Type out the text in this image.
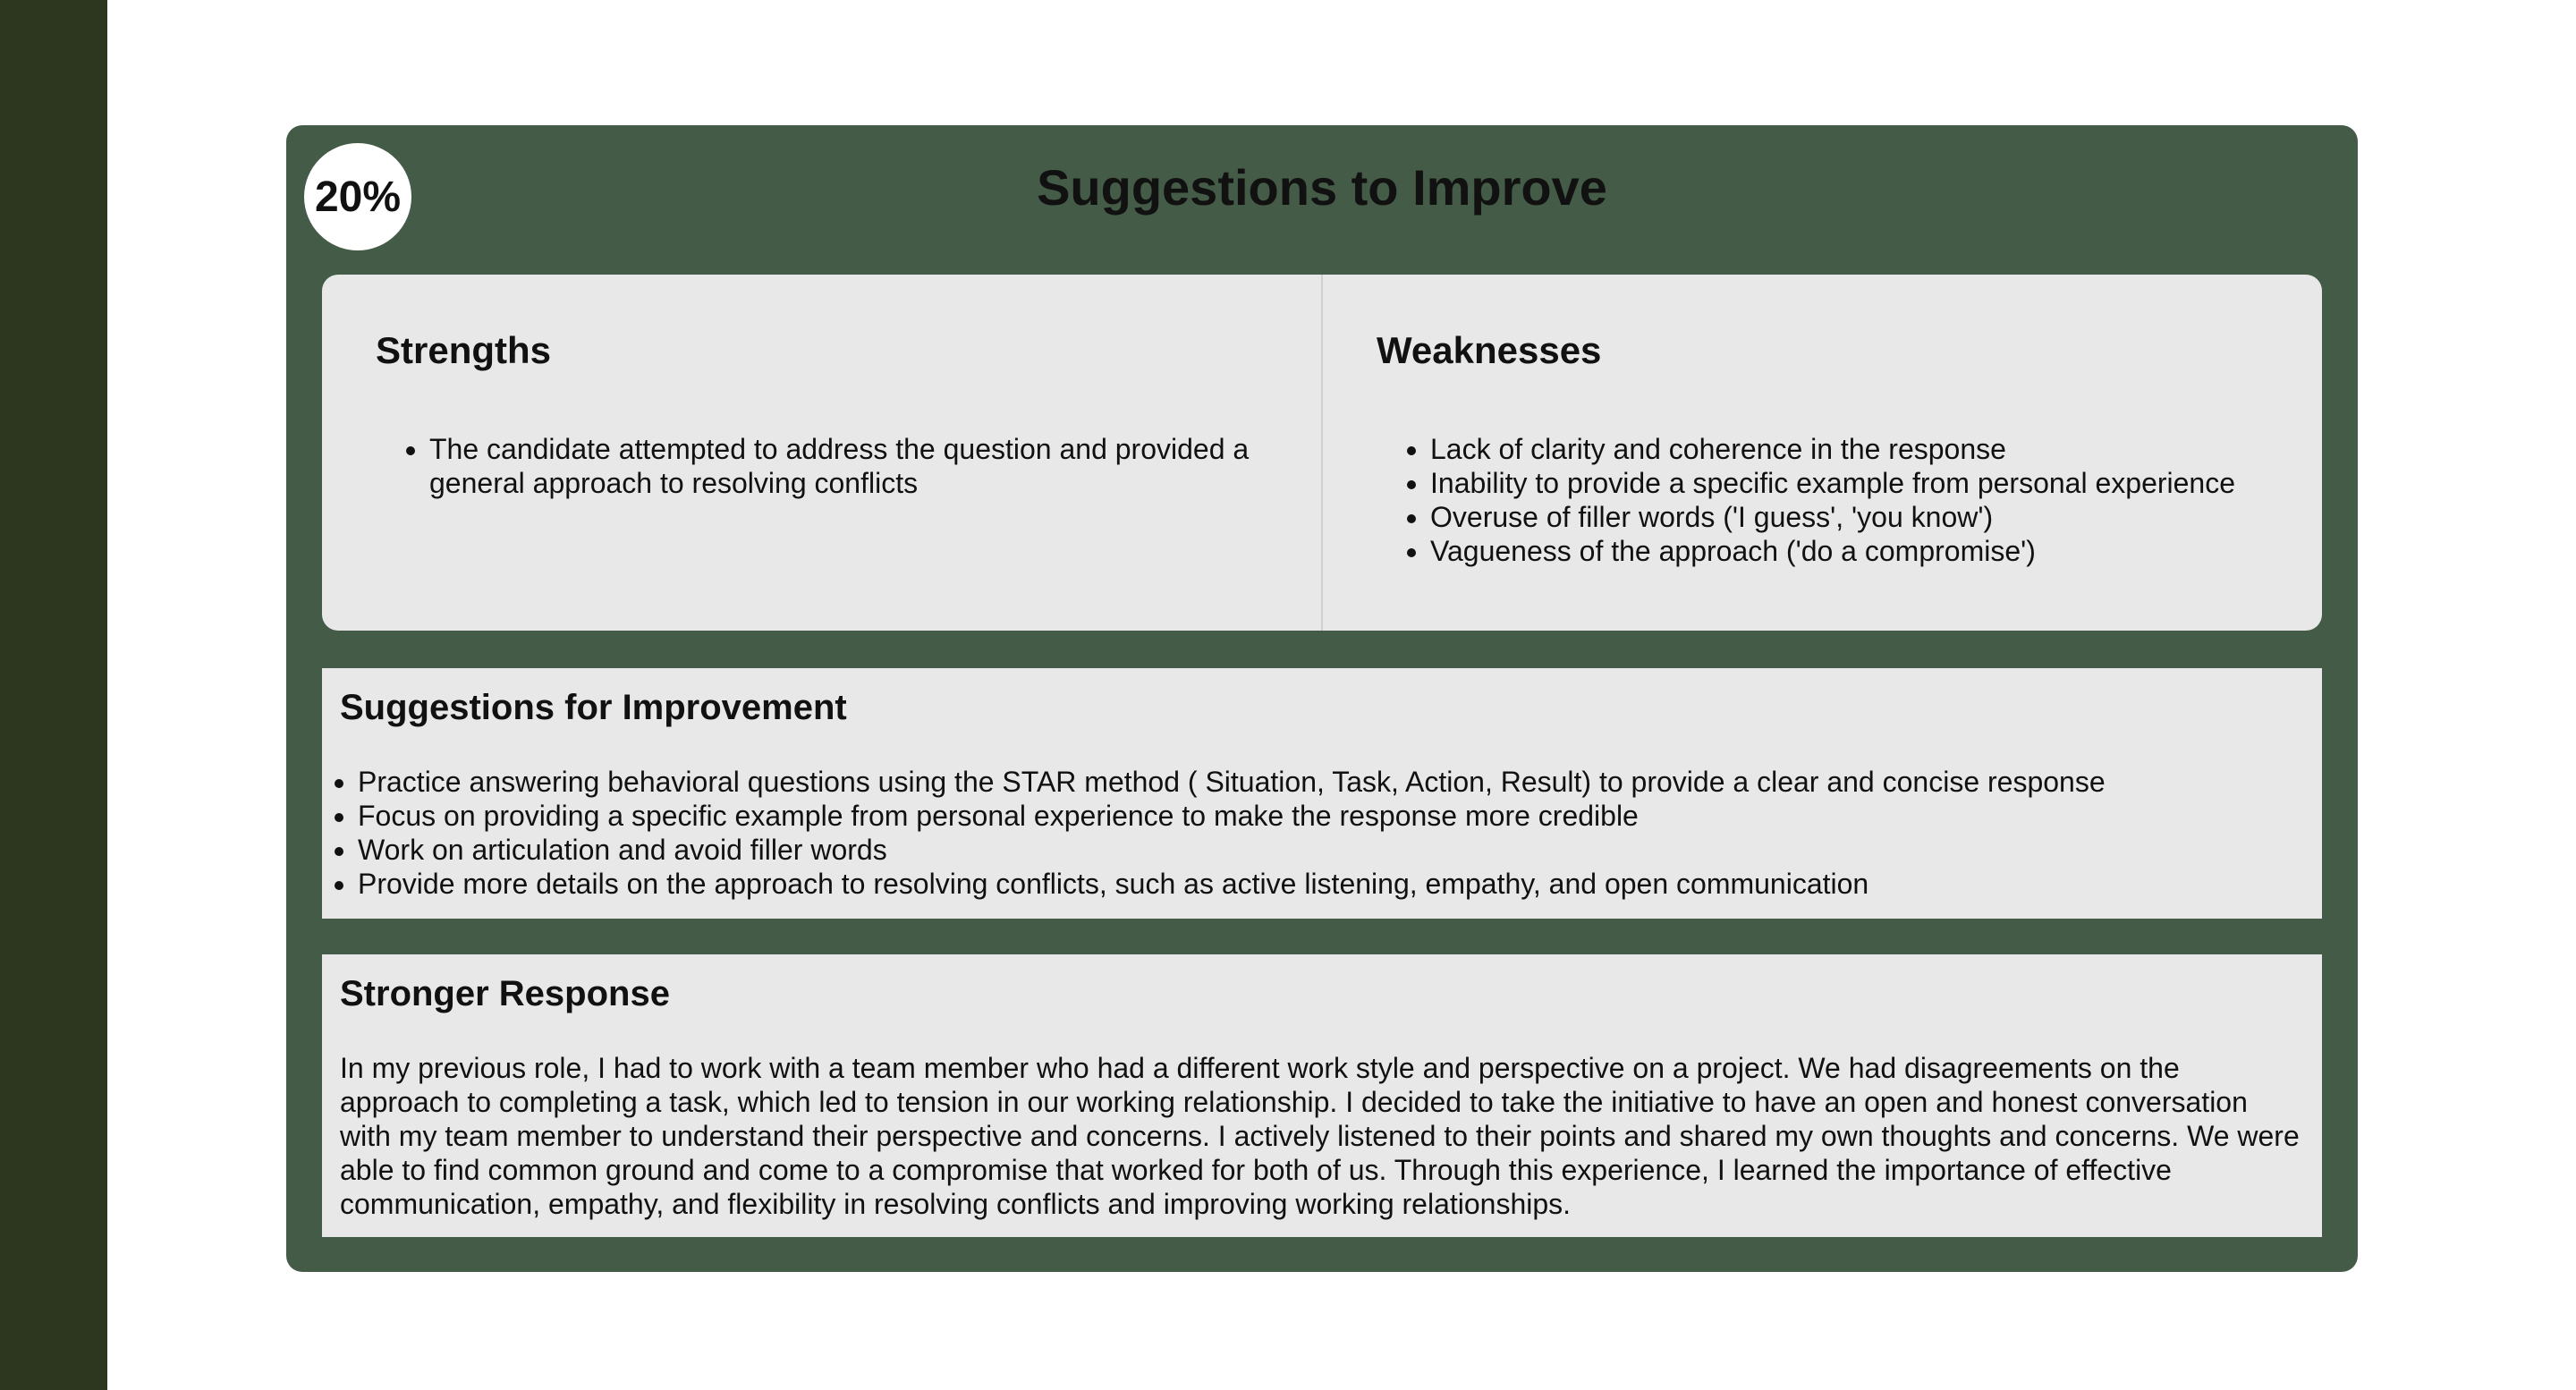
20%	Suggestions to Improve
Strengths
• The candidate attempted to address the question and provided a general approach to resolving conflicts
Weaknesses
• Lack of clarity and coherence in the response
• Inability to provide a specific example from personal experience
• Overuse of filler words ('I guess', 'you know')
• Vagueness of the approach ('do a compromise')
Suggestions for Improvement
• Practice answering behavioral questions using the STAR method ( Situation, Task, Action, Result) to provide a clear and concise response
• Focus on providing a specific example from personal experience to make the response more credible
• Work on articulation and avoid filler words
• Provide more details on the approach to resolving conflicts, such as active listening, empathy, and open communication
Stronger Response

In my previous role, I had to work with a team member who had a different work style and perspective on a project. We had disagreements on the approach to completing a task, which led to tension in our working relationship. I decided to take the initiative to have an open and honest conversation with my team member to understand their perspective and concerns. I actively listened to their points and shared my own thoughts and concerns. We were able to find common ground and come to a compromise that worked for both of us. Through this experience, I learned the importance of effective communication, empathy, and flexibility in resolving conflicts and improving working relationships.
